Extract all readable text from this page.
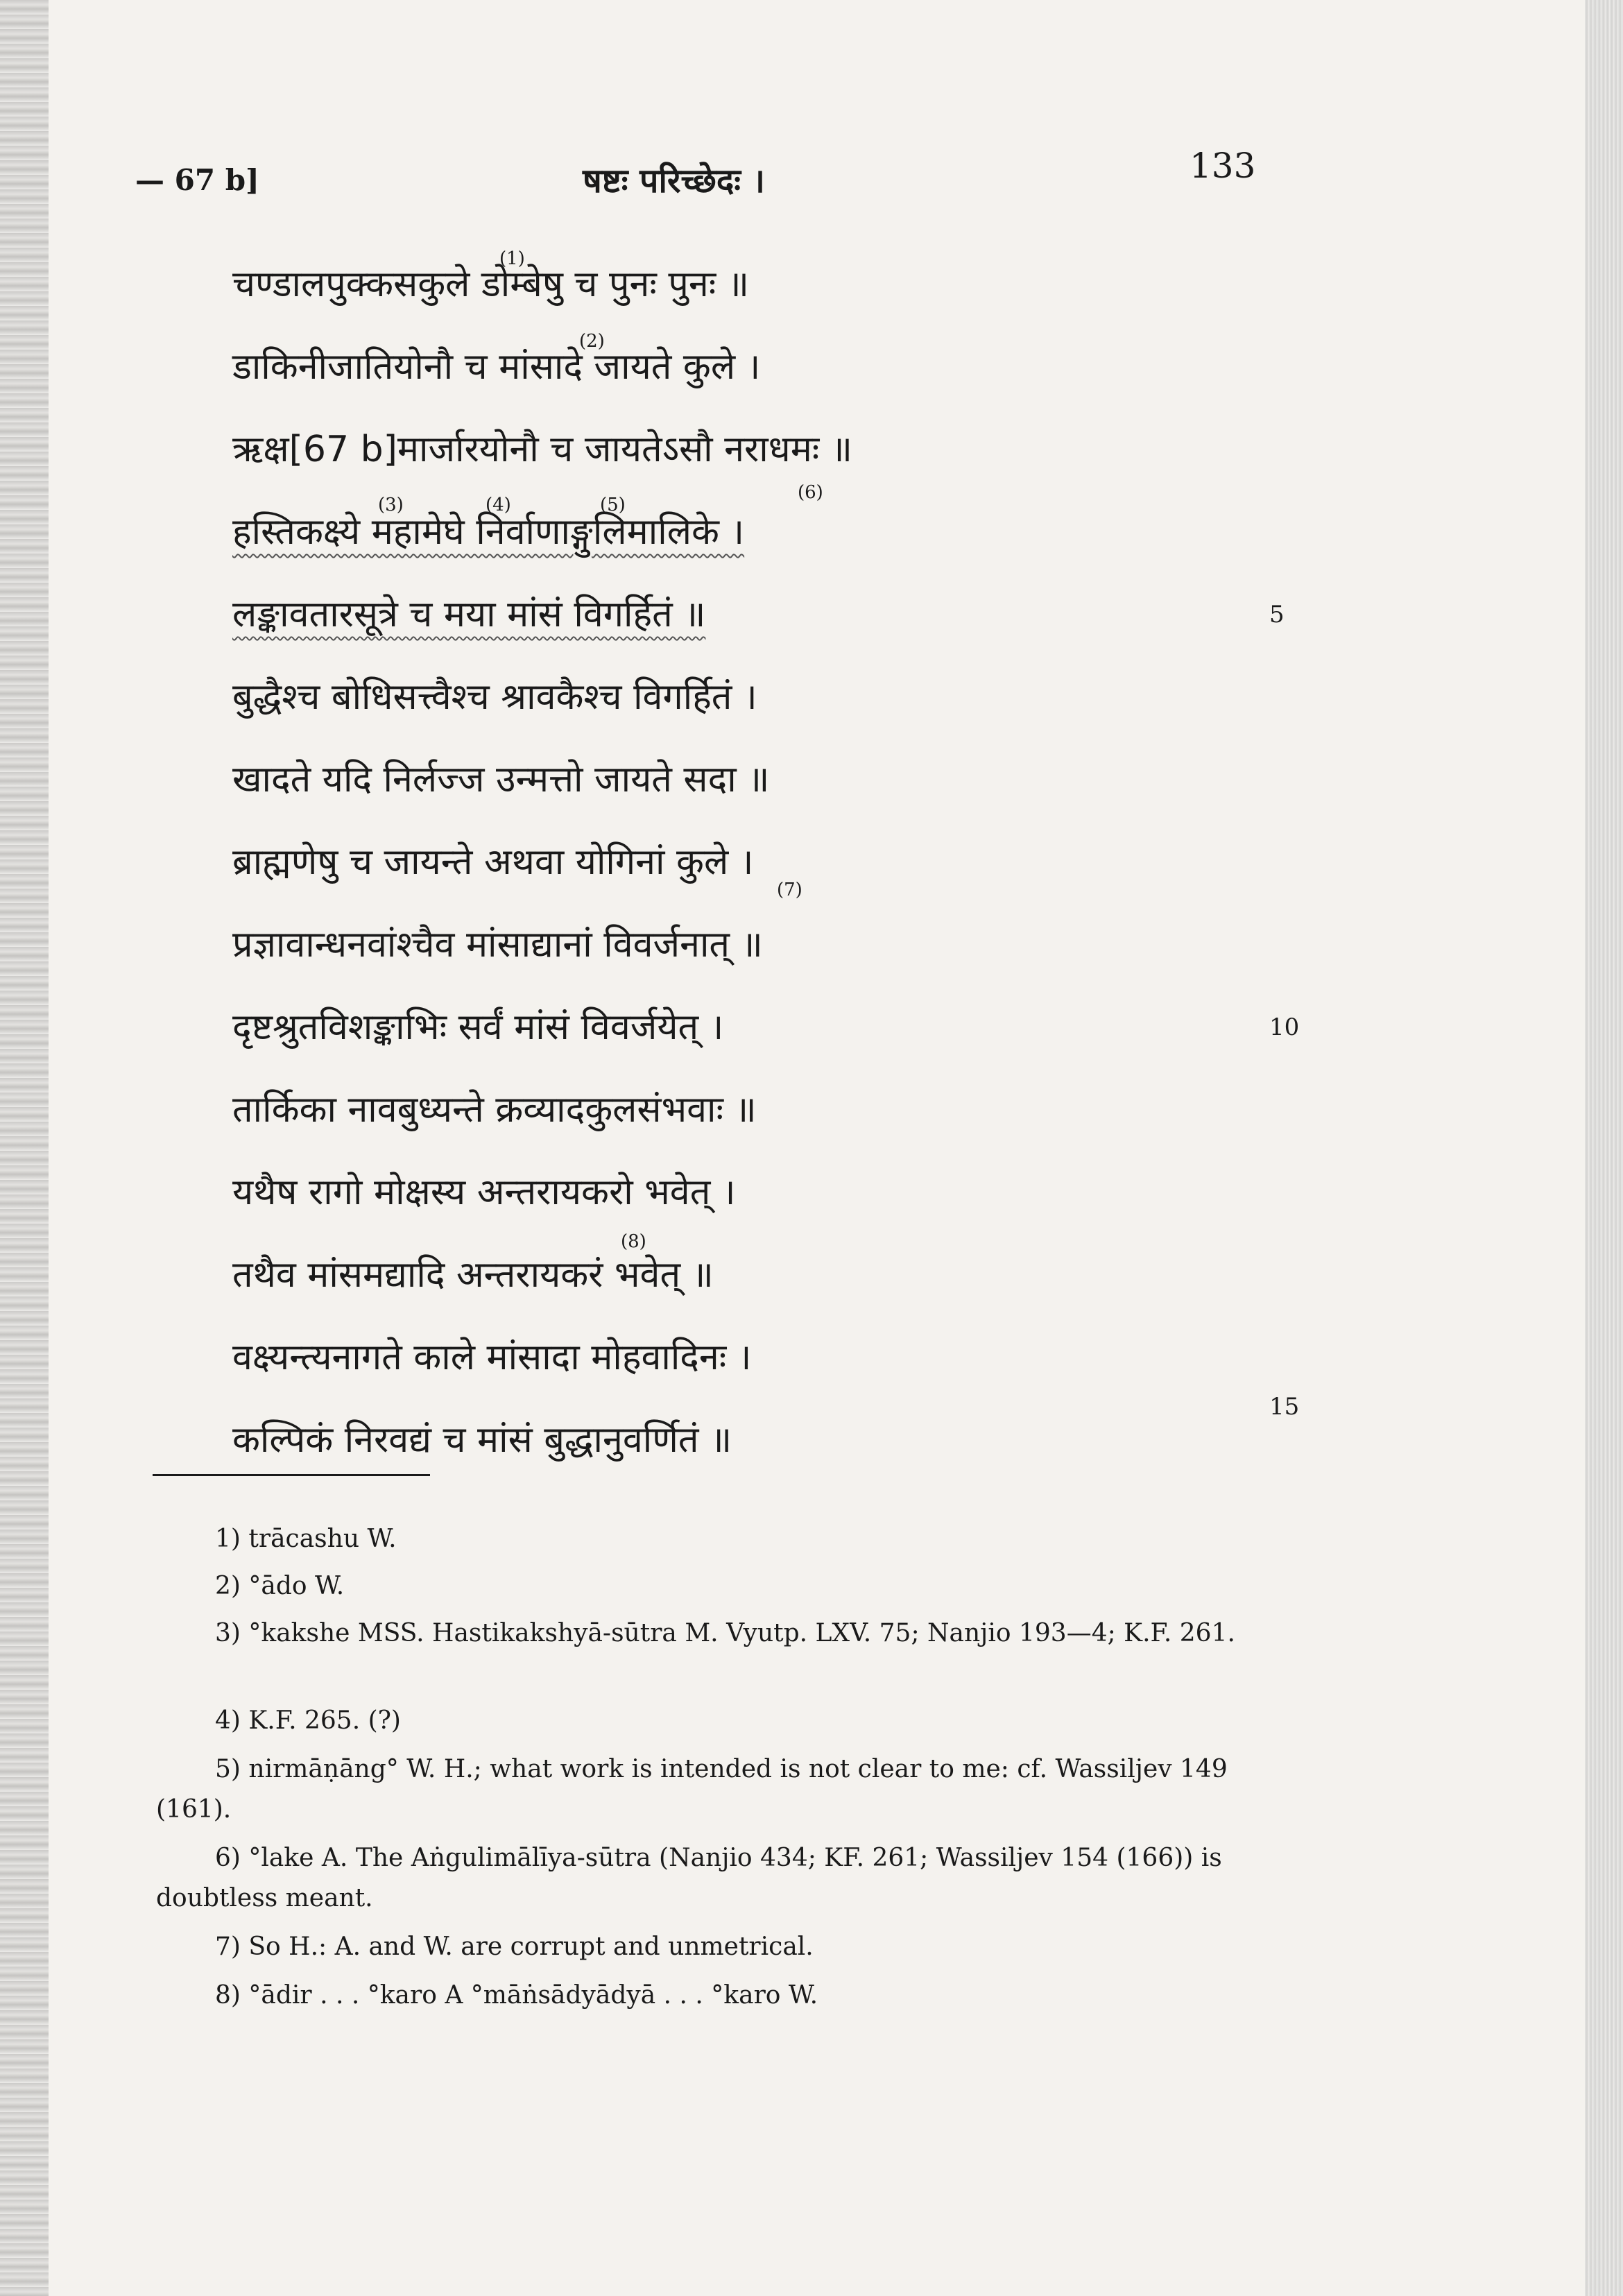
— 67 b]	षष्टः परिच्छेदः ।	133
चण्डालपुक्कसकुले डोम्बेषु च पुनः पुनः ॥
डाकिनीजातियोनौ च मांसादे जायते कुले ।
ऋक्ष[67 b]मार्जारयोनौ च जायतेऽसौ नराधमः ॥
हस्तिकक्ष्ये महामेघे निर्वाणाङ्गुलिमालिके ।
लङ्कावतारसूत्रे च मया मांसं विगर्हितं ॥
बुद्धैश्च बोधिसत्त्वैश्च श्रावकैश्च विगर्हितं ।
खादते यदि निर्लज्ज उन्मत्तो जायते सदा ॥
ब्राह्मणेषु च जायन्ते अथवा योगिनां कुले ।
प्रज्ञावान्धनवांश्चैव मांसाद्यानां विवर्जनात् ॥
दृष्टश्रुतविशङ्काभिः सर्वं मांसं विवर्जयेत् ।
तार्किका नावबुध्यन्ते क्रव्यादकुलसंभवाः ॥
यथैष रागो मोक्षस्य अन्तरायकरो भवेत् ।
तथैव मांसमद्यादि अन्तरायकरं भवेत् ॥
वक्ष्यन्त्यनागते काले मांसादा मोहवादिनः ।
कल्पिकं निरवद्यं च मांसं बुद्धानुवर्णितं ॥
(1)
(2)
(3)	(4)	(5)
(6)
(7)
(8)
5
10
15
1) trācashu W.
2) °ādo W.
3) °kakshe MSS. Hastikakshyā-sūtra M. Vyutp. LXV. 75; Nanjio 193—4; K.F. 261.
4) K.F. 265. (?)
5) nirmāṇāng° W. H.; what work is intended is not clear to me: cf. Wassiljev 149 (161).
6) °lake A. The Aṅgulimālīya-sūtra (Nanjio 434; KF. 261; Wassiljev 154 (166)) is doubtless meant.
7) So H.: A. and W. are corrupt and unmetrical.
8) °ādir . . . °karo A °māṅsādyādyā . . . °karo W.
